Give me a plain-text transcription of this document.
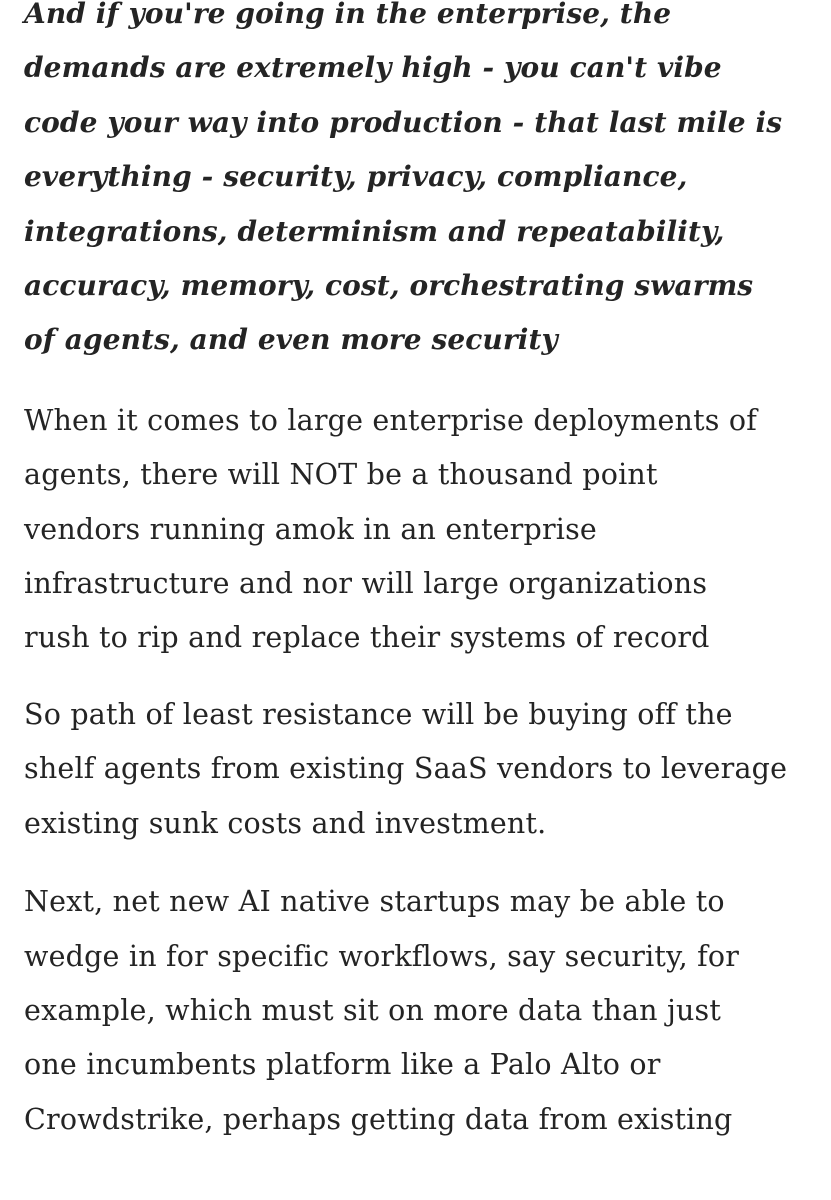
And if you're going in the enterprise, the
demands are extremely high - you can't vibe
code your way into production - that last mile is
everything - security, privacy, compliance,
integrations, determinism and repeatability,
accuracy, memory, cost, orchestrating swarms
of agents, and even more security

When it comes to large enterprise deployments of
agents, there will NOT be a thousand point
vendors running amok in an enterprise
infrastructure and nor will large organizations
rush to rip and replace their systems of record

So path of least resistance will be buying off the
shelf agents from existing SaaS vendors to leverage
existing sunk costs and investment.

Next, net new AI native startups may be able to
wedge in for specific workflows, say security, for
example, which must sit on more data than just
one incumbents platform like a Palo Alto or
Crowdstrike, perhaps getting data from existing
